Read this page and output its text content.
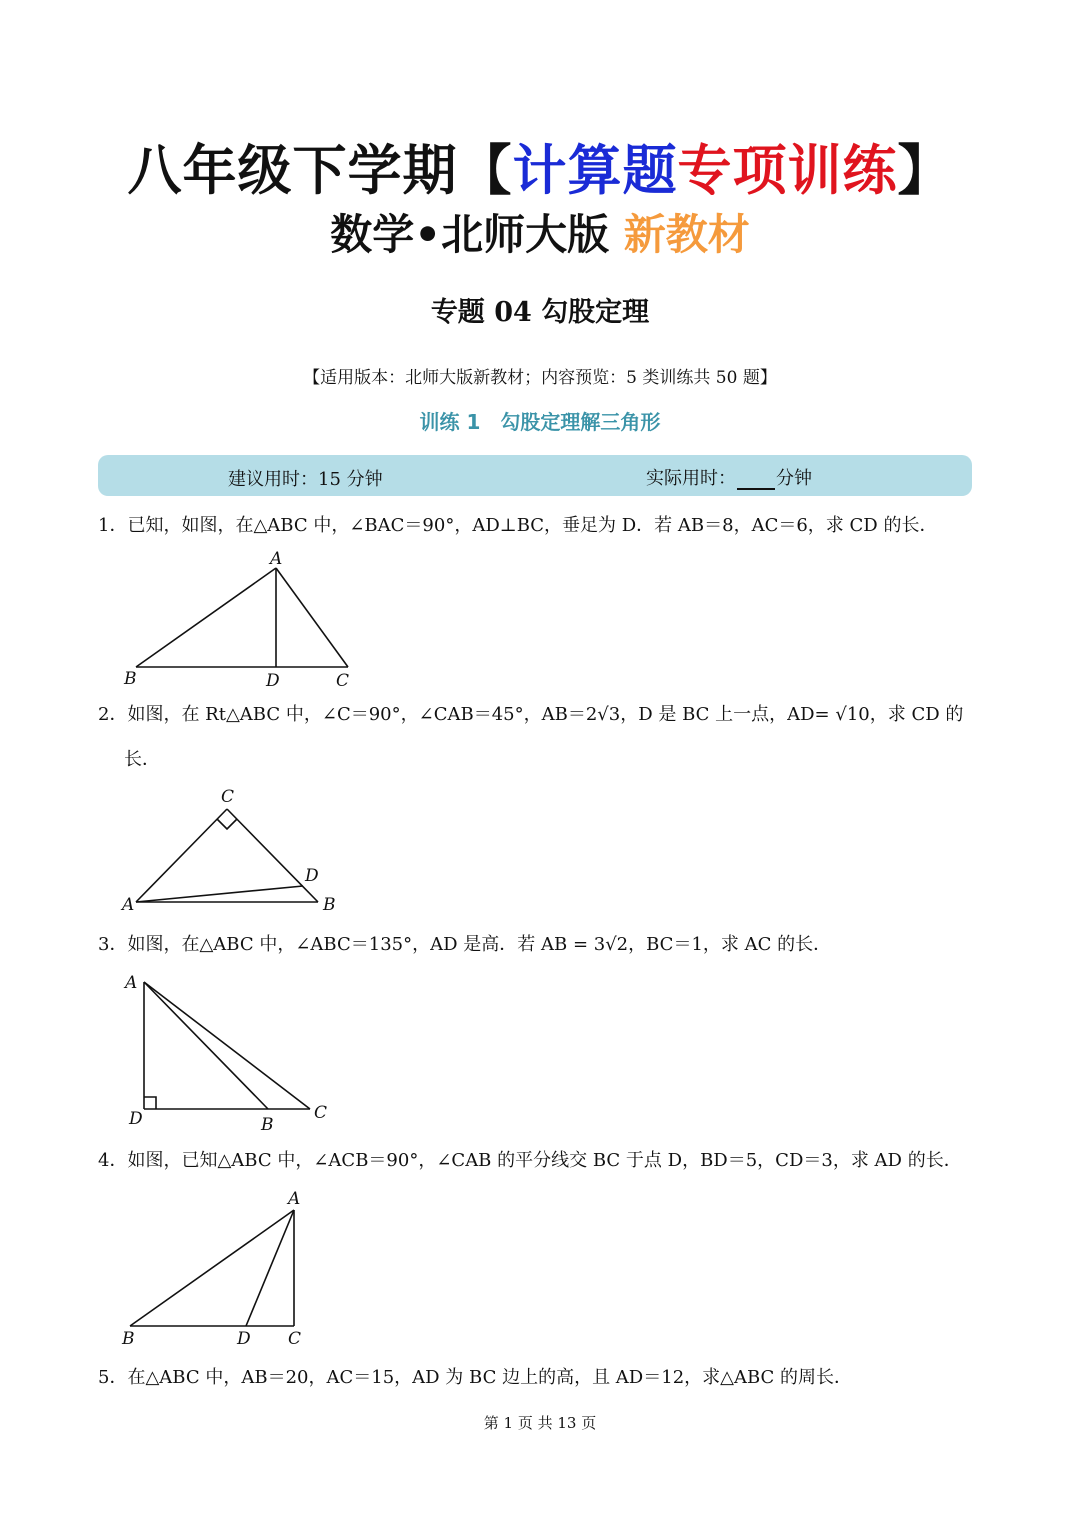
八年级下学期【计算题专项训练】
数学•北师大版 新教材
专题 04 勾股定理
【适用版本：北师大版新教材；内容预览：5 类训练共 50 题】
训练 1　勾股定理解三角形
建议用时：15 分钟	实际用时： 分钟
1．已知，如图，在△ABC 中，∠BAC＝90°，AD⊥BC，垂足为 D．若 AB＝8，AC＝6，求 CD 的长．
A
B	D	C
2．如图，在 Rt△ABC 中，∠C＝90°，∠CAB＝45°，AB＝2√3，D 是 BC 上一点，AD= √10，求 CD 的
长．
C
D
A	B
3．如图，在△ABC 中，∠ABC＝135°，AD 是高．若 AB = 3√2，BC＝1，求 AC 的长．
A
D	B
C
4．如图，已知△ABC 中，∠ACB＝90°，∠CAB 的平分线交 BC 于点 D，BD＝5，CD＝3，求 AD 的长．
A
B	D C
5．在△ABC 中，AB＝20，AC＝15，AD 为 BC 边上的高，且 AD＝12，求△ABC 的周长．
第 1 页 共 13 页
